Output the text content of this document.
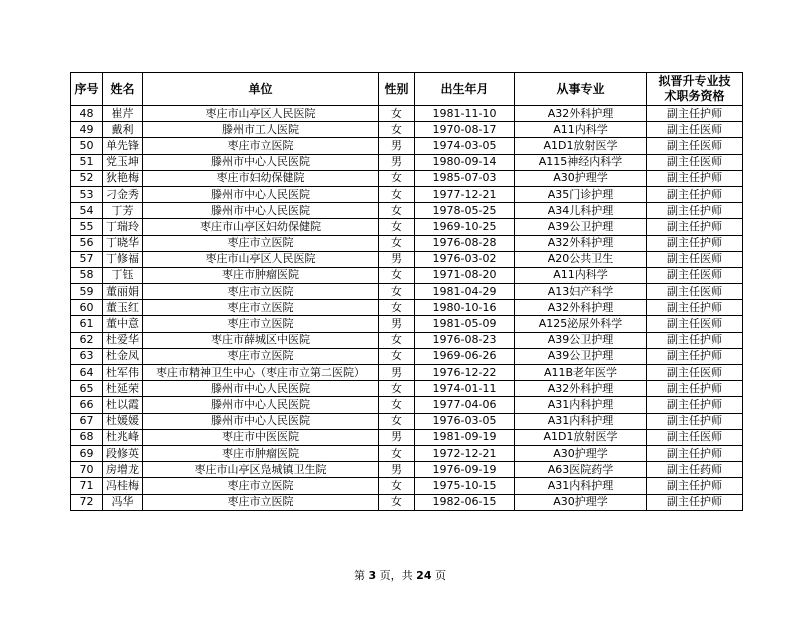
序号	姓名	单位	性别	出生年月	从事专业	拟晋升专业技
术职务资格

48	崔芹	枣庄市山亭区人民医院	女	1981-11-10	A32外科护理	副主任护师
49	戴利	滕州市工人医院	女	1970-08-17	A11内科学	副主任医师
50	单先锋	枣庄市立医院	男	1974-03-05	A1D1放射医学	副主任医师
51	党玉坤	滕州市中心人民医院	男	1980-09-14	A115神经内科学	副主任医师
52	狄艳梅	枣庄市妇幼保健院	女	1985-07-03	A30护理学	副主任护师
53	刁金秀	滕州市中心人民医院	女	1977-12-21	A35门诊护理	副主任护师
54	丁芳	滕州市中心人民医院	女	1978-05-25	A34儿科护理	副主任护师
55	丁瑞玲	枣庄市山亭区妇幼保健院	女	1969-10-25	A39公卫护理	副主任护师
56	丁晓华	枣庄市立医院	女	1976-08-28	A32外科护理	副主任护师
57	丁修福	枣庄市山亭区人民医院	男	1976-03-02	A20公共卫生	副主任医师
58	丁钰	枣庄市肿瘤医院	女	1971-08-20	A11内科学	副主任医师
59	董丽娟	枣庄市立医院	女	1981-04-29	A13妇产科学	副主任医师
60	董玉红	枣庄市立医院	女	1980-10-16	A32外科护理	副主任护师
61	董中意	枣庄市立医院	男	1981-05-09	A125泌尿外科学	副主任医师
62	杜爱华	枣庄市薛城区中医院	女	1976-08-23	A39公卫护理	副主任护师
63	杜金凤	枣庄市立医院	女	1969-06-26	A39公卫护理	副主任护师
64	杜军伟	枣庄市精神卫生中心（枣庄市立第二医院）	男	1976-12-22	A11B老年医学	副主任医师
65	杜延荣	滕州市中心人民医院	女	1974-01-11	A32外科护理	副主任护师
66	杜以霞	滕州市中心人民医院	女	1977-04-06	A31内科护理	副主任护师
67	杜媛媛	滕州市中心人民医院	女	1976-03-05	A31内科护理	副主任护师
68	杜兆峰	枣庄市中医医院	男	1981-09-19	A1D1放射医学	副主任医师
69	段修英	枣庄市肿瘤医院	女	1972-12-21	A30护理学	副主任护师
70	房增龙	枣庄市山亭区凫城镇卫生院	男	1976-09-19	A63医院药学	副主任药师
71	冯桂梅	枣庄市立医院	女	1975-10-15	A31内科护理	副主任护师
72	冯华	枣庄市立医院	女	1982-06-15	A30护理学	副主任护师
第 3 页，共 24 页
